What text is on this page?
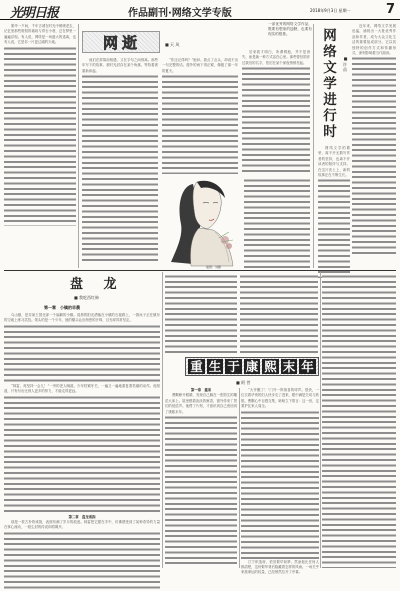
光明日报	作品副刊·网络文学专版	2018年9月3日 星期一	7

繁华一夕间，千年古城在时光中缓缓老去，记忆里那些斑驳的墙垣与青石小巷，总在梦里一遍遍浮现。有人说，网络是一场盛大的逃离，也有人说，它是另一片更辽阔的天地。	网 逝	■ 天 风

他们在屏幕前相遇，又在字句之间别离。那些年写下的故事，被时光封存在某个角落，等待着被重新读起。

“你还记得吗？”她问。我点了点头，却说不出一句完整的话。窗外的雨下得正紧，像极了那一年的夏天。

后来我才明白，所谓网逝，并不是消失，而是换一种方式活在心里。那些曾经陪伴过我们的名字，依旧在某个深夜悄悄亮起。

插图：刘鹏
一部优秀的网络文学作品，既要有想象的翅膀，也要有现实的根基。	网
络
文
学
进
行
时
■ 许 苗

近年来，网络文学发展迅猛，涌现出一大批优秀作品和作者，成为大众文化生活的重要组成部分。它以其独特的创作方式和传播形式，深刻影响着当代阅读。

网络文学的繁荣，离不开无数写作者的坚持，也离不开读者的陪伴与支持。在这片沃土上，新的故事正在不断生长。

盘 龙
■ 我吃西红柿
第一章　小镇的早晨

乌山镇，是芬莱王国北部一个偏僻的小镇。清晨的阳光洒落在小镇的石板路上，一群孩子正在镇东的空地上练习武技。领头的是一个少年，他的额头沁出细密的汗珠，目光却异常坚定。

“林雷，再坚持一会儿！”一旁的老人喊道。少年咬紧牙关，一遍又一遍地重复着枯燥的动作。他知道，只有付出比别人更多的努力，才能走得更远。

第二章　盘龙戒指

那是一枚古朴的戒指，表面布满了岁月的痕迹。林雷把它握在手中，仿佛感受到了某种奇异的力量在掌心流动，一段尘封的传说即将揭开。

重 生 于 康 熙 末 年
■ 阿 菩
第一章　重来

曹颙睁开眼睛，发现自己躺在一张陌生的雕花大床上。屋里燃着淡淡的熏香，窗外传来丫鬟们的低语声。他愣了片刻，才意识到自己竟回到了康熙末年。

“大爷醒了！”门外一阵惊喜的呼声。很快，一位衣着华贵的妇人快步走了进来，眼中满是关切与欣慰。曹颙心中百感交集，暗暗立下誓言：这一世，定要护住家人周全。

江宁织造府，依旧繁华如梦。然而他比任何人都清楚，这份繁华背后隐藏着怎样的风雨。一场关乎家族命运的较量，已经悄然拉开了序幕。
